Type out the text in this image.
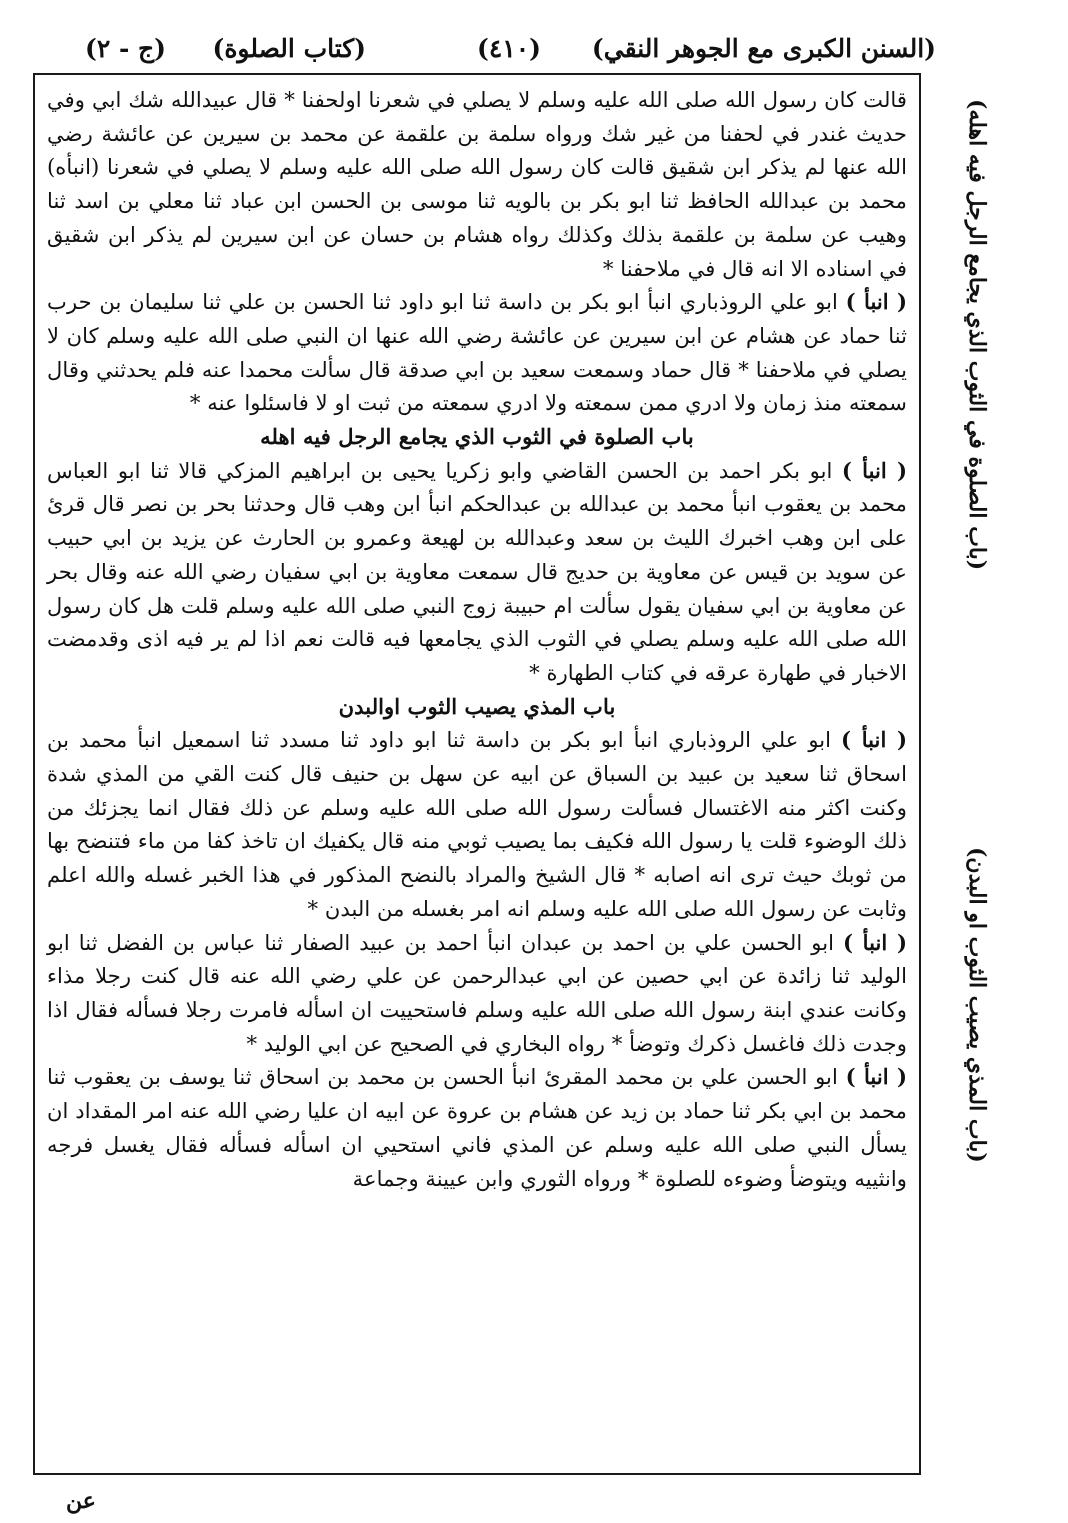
(السنن الكبرى مع الجوهر النقي)
(٤١٠)
(كتاب الصلوة)
(ج - ٢)

قالت كان رسول الله صلى الله عليه وسلم لا يصلي في شعرنا اولحفنا * قال عبيدالله شك ابي وفي حديث غندر في لحفنا من غير شك ورواه سلمة بن علقمة عن محمد بن سيرين عن عائشة رضي الله عنها لم يذكر ابن شقيق قالت كان رسول الله صلى الله عليه وسلم لا يصلي في شعرنا (انبأه) محمد بن عبدالله الحافظ ثنا ابو بكر بن بالويه ثنا موسى بن الحسن ابن عباد ثنا معلي بن اسد ثنا وهيب عن سلمة بن علقمة بذلك وكذلك رواه هشام بن حسان عن ابن سيرين لم يذكر ابن شقيق في اسناده الا انه قال في ملاحفنا *

( انبأ ) ابو علي الروذباري انبأ ابو بكر بن داسة ثنا ابو داود ثنا الحسن بن علي ثنا سليمان بن حرب ثنا حماد عن هشام عن ابن سيرين عن عائشة رضي الله عنها ان النبي صلى الله عليه وسلم كان لا يصلي في ملاحفنا * قال حماد وسمعت سعيد بن ابي صدقة قال سألت محمدا عنه فلم يحدثني وقال سمعته منذ زمان ولا ادري ممن سمعته ولا ادري سمعته من ثبت او لا فاسئلوا عنه *

باب الصلوة في الثوب الذي يجامع الرجل فيه اهله

( انبأ ) ابو بكر احمد بن الحسن القاضي وابو زكريا يحيى بن ابراهيم المزكي قالا ثنا ابو العباس محمد بن يعقوب انبأ محمد بن عبدالله بن عبدالحكم انبأ ابن وهب قال وحدثنا بحر بن نصر قال قرئ على ابن وهب اخبرك الليث بن سعد وعبدالله بن لهيعة وعمرو بن الحارث عن يزيد بن ابي حبيب عن سويد بن قيس عن معاوية بن حديج قال سمعت معاوية بن ابي سفيان رضي الله عنه وقال بحر عن معاوية بن ابي سفيان يقول سألت ام حبيبة زوج النبي صلى الله عليه وسلم قلت هل كان رسول الله صلى الله عليه وسلم يصلي في الثوب الذي يجامعها فيه قالت نعم اذا لم ير فيه اذى وقدمضت الاخبار في طهارة عرقه في كتاب الطهارة *

باب المذي يصيب الثوب اوالبدن

( انبأ ) ابو علي الروذباري انبأ ابو بكر بن داسة ثنا ابو داود ثنا مسدد ثنا اسمعيل انبأ محمد بن اسحاق ثنا سعيد بن عبيد بن السباق عن ابيه عن سهل بن حنيف قال كنت القي من المذي شدة وكنت اكثر منه الاغتسال فسألت رسول الله صلى الله عليه وسلم عن ذلك فقال انما يجزئك من ذلك الوضوء قلت يا رسول الله فكيف بما يصيب ثوبي منه قال يكفيك ان تاخذ كفا من ماء فتنضح بها من ثوبك حيث ترى انه اصابه * قال الشيخ والمراد بالنضح المذكور في هذا الخبر غسله والله اعلم وثابت عن رسول الله صلى الله عليه وسلم انه امر بغسله من البدن *

( انبأ ) ابو الحسن علي بن احمد بن عبدان انبأ احمد بن عبيد الصفار ثنا عباس بن الفضل ثنا ابو الوليد ثنا زائدة عن ابي حصين عن ابي عبدالرحمن عن علي رضي الله عنه قال كنت رجلا مذاء وكانت عندي ابنة رسول الله صلى الله عليه وسلم فاستحييت ان اسأله فامرت رجلا فسأله فقال اذا وجدت ذلك فاغسل ذكرك وتوضأ * رواه البخاري في الصحيح عن ابي الوليد *

( انبأ ) ابو الحسن علي بن محمد المقرئ انبأ الحسن بن محمد بن اسحاق ثنا يوسف بن يعقوب ثنا محمد بن ابي بكر ثنا حماد بن زيد عن هشام بن عروة عن ابيه ان عليا رضي الله عنه امر المقداد ان يسأل النبي صلى الله عليه وسلم عن المذي فاني استحيي ان اسأله فسأله فقال يغسل فرجه وانثييه ويتوضأ وضوءه للصلوة * ورواه الثوري وابن عيينة وجماعة

(باب الصلوة في الثوب الذي يجامع الرجل فيه اهله)
(باب المذي يصيب الثوب او البدن)
عن
